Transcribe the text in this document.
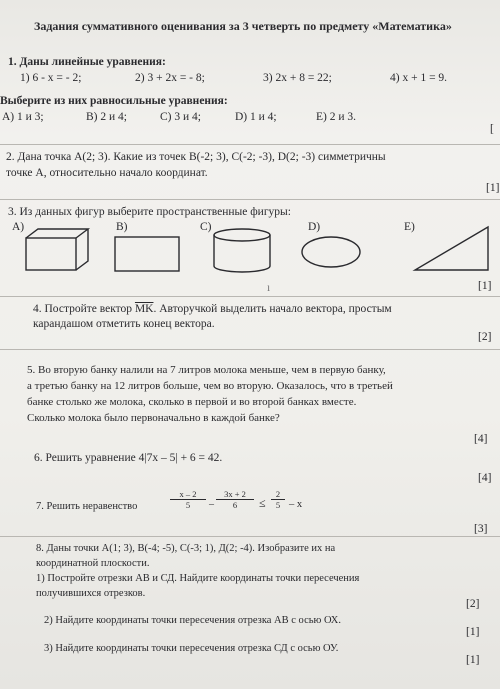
Задания суммативного оценивания за 3 четверть по предмету «Математика»
1. Даны линейные уравнения:
1) 6 - x = - 2;	2) 3 + 2x = - 8;	3) 2x + 8 = 22;	4) x + 1 = 9.
Выберите из них равносильные уравнения:
A) 1 и 3;	B) 2 и 4;	C) 3 и 4;	D) 1 и 4;	E) 2 и 3.
[
2. Дана точка A(2; 3). Какие из точек B(-2; 3), C(-2; -3), D(2; -3) симметричны
точке А, относительно начало координат.
[1]
3. Из данных фигур выберите пространственные фигуры:
A)	B)	C)	D)	E)
ı	[1]
4. Постройте вектор $\overline{MK}$. Авторучкой выделить начало вектора, простым
карандашом отметить конец вектора.
[2]
5. Во вторую банку налили на 7 литров молока меньше, чем в первую банку,
а третью банку на 12 литров больше, чем во вторую. Оказалось, что в третьей
банке столько же молока, сколько в первой и во второй банках вместе.
Сколько молока было первоначально в каждой банке?
[4]
6. Решить уравнение 4|7x – 5| + 6 = 42.
[4]
7. Решить неравенство	$\frac{x - 2}{5} - \frac{3x + 2}{6} \le \frac{2}{5} - x$
[3]
8. Даны точки A(1; 3), B(-4; -5), C(-3; 1), Д(2; -4). Изобразите их на
координатной плоскости.
1) Постройте отрезки АВ и СД. Найдите координаты точки пересечения
получившихся отрезков.
[2]
2) Найдите координаты точки пересечения отрезка АВ с осью ОХ.
[1]
3) Найдите координаты точки пересечения отрезка СД с осью ОУ.
[1]
